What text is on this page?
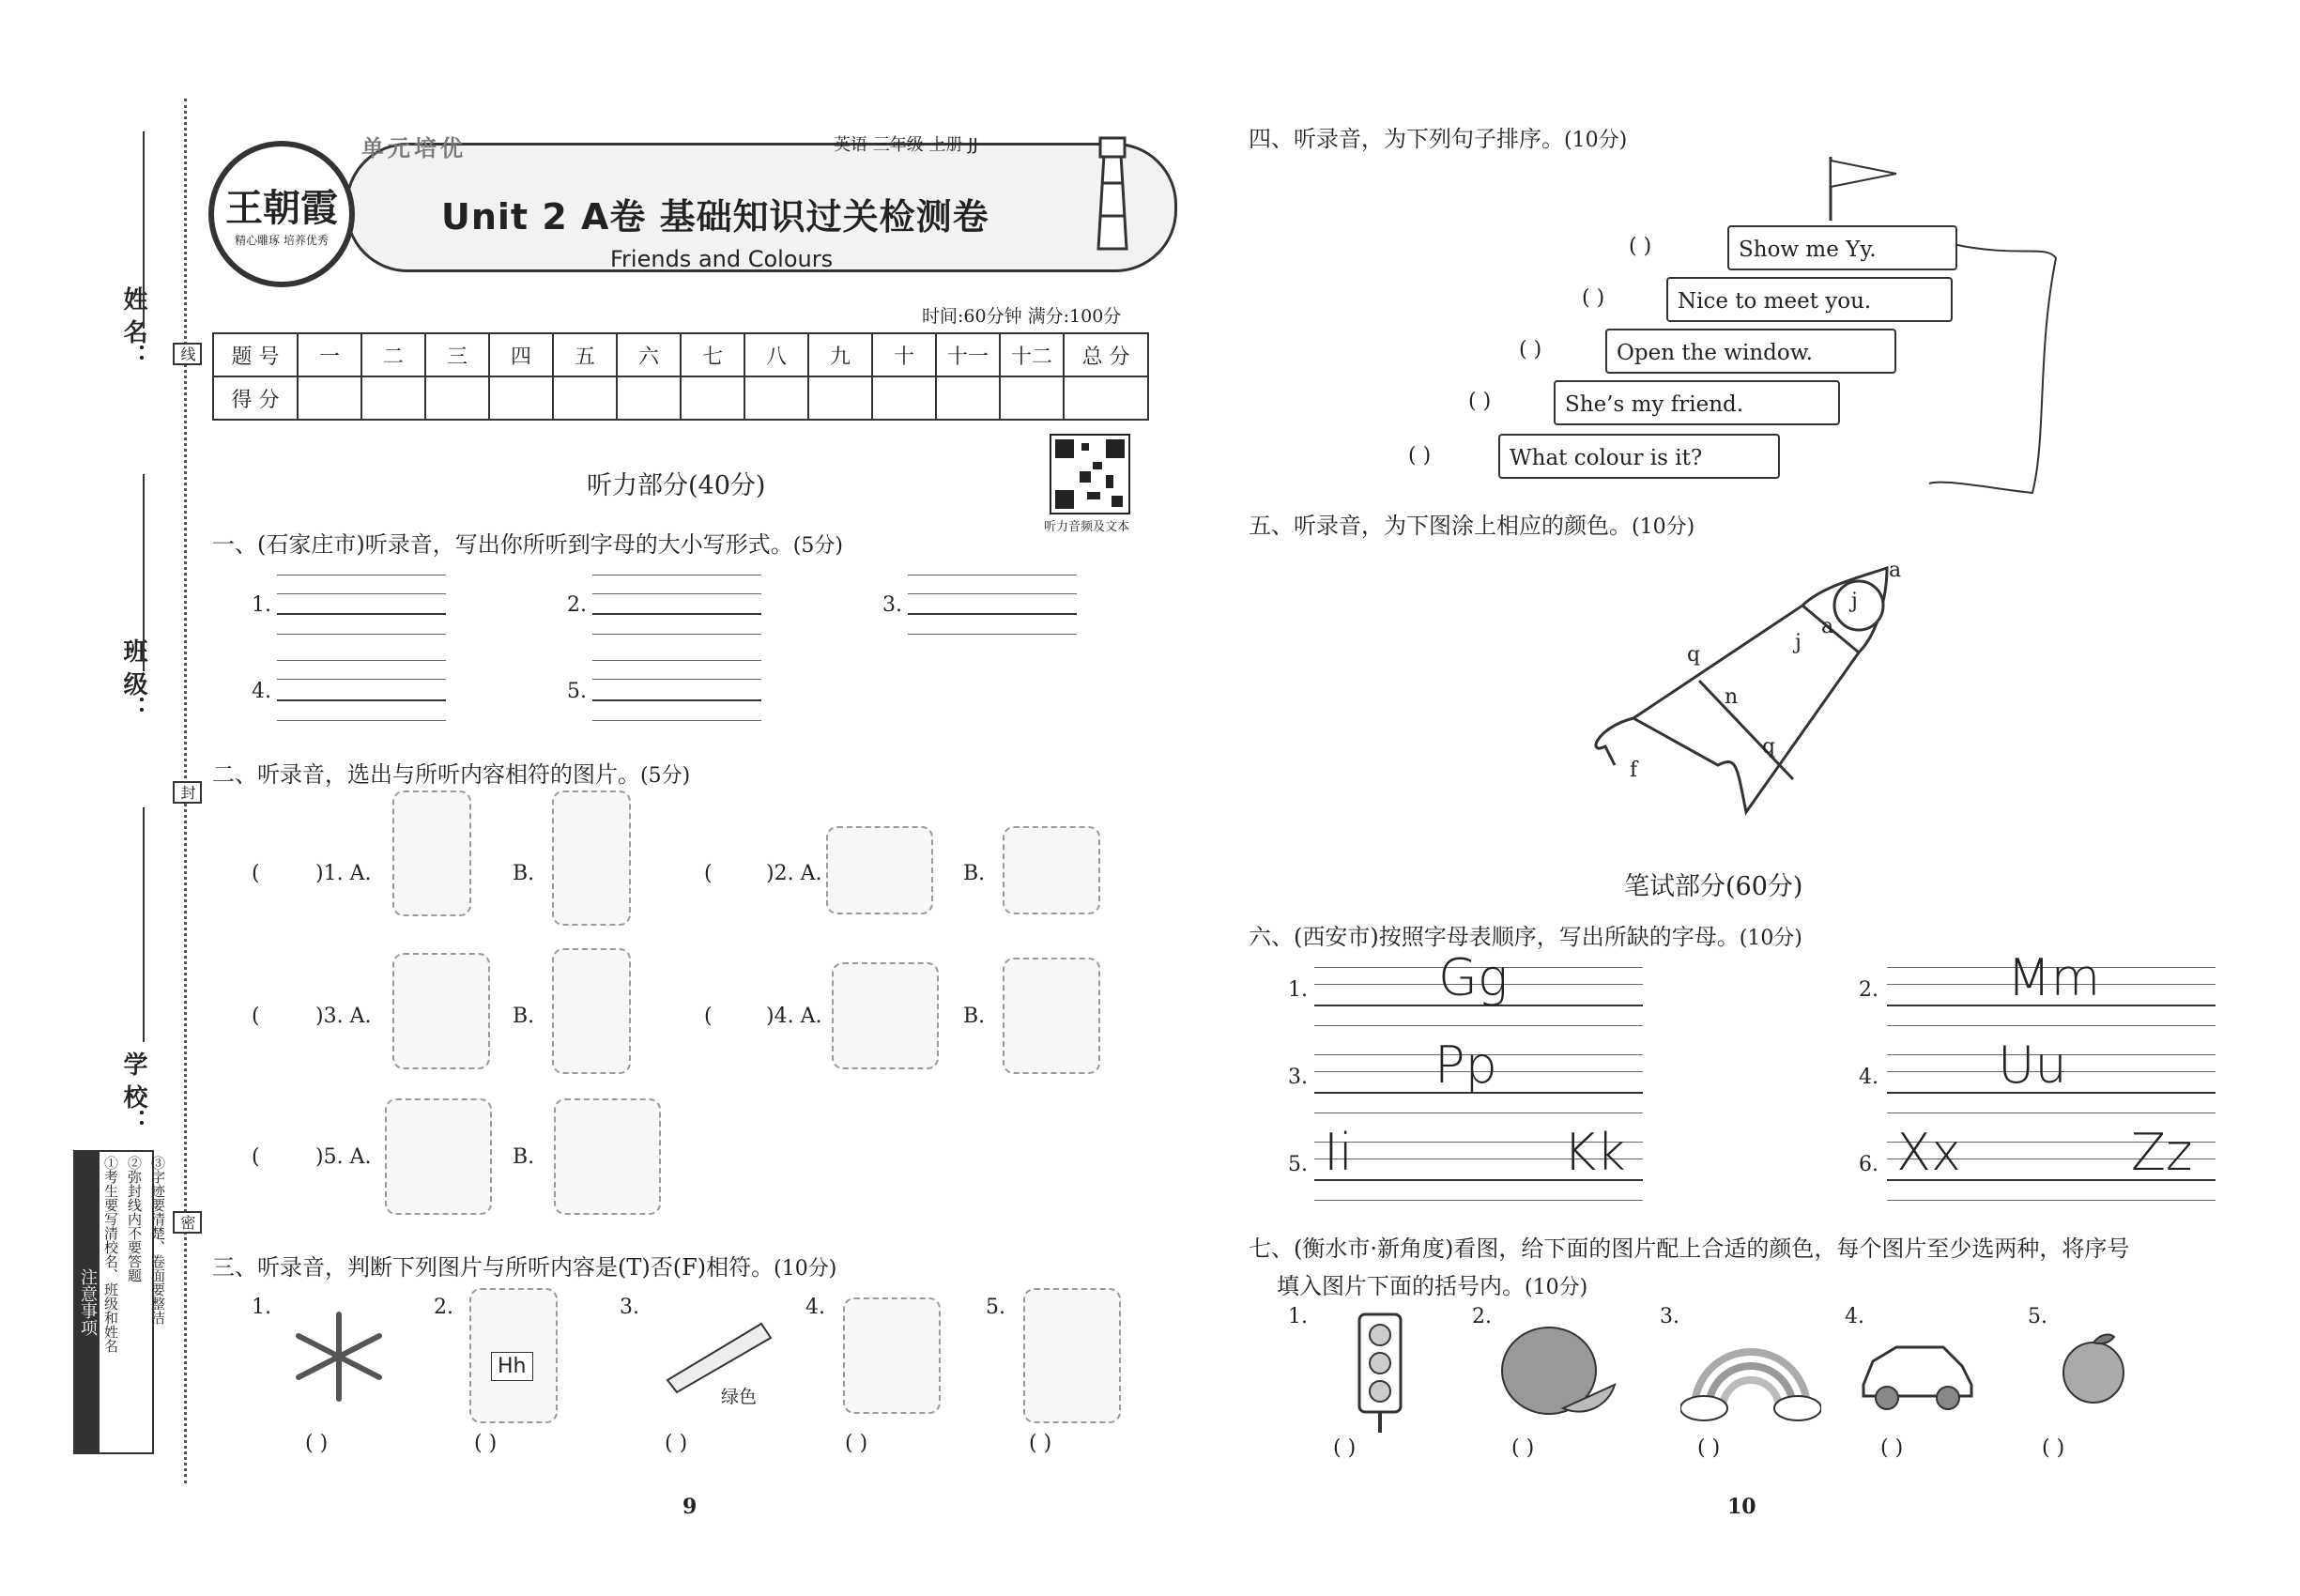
姓 名：
班 级：
学 校：
线
封
密
注意事项 ①考生要写清校名、班级和姓名 ②弥封线内不要答题 ③字迹要清楚、卷面要整洁
王朝霞
精心雕琢 培养优秀
单元培优	英语 三年级 上册 JJ
Unit 2 A卷 基础知识过关检测卷
Friends and Colours
时间:60分钟 满分:100分
题 号	一	二	三	四	五	六	七	八	九	十	十一	十二	总 分
得 分													
听力部分(40分)
听力音频及文本
一、(石家庄市)听录音，写出你所听到字母的大小写形式。(5分)
1.	2.	3.
4.	5.
二、听录音，选出与所听内容相符的图片。(5分)
(	)1. A.	B.	(	)2. A.	B.
(	)3. A.	B.	(	)4. A.	B.
(	)5. A.	B.
三、听录音，判断下列图片与所听内容是(T)否(F)相符。(10分)
1.
( )
2.
Hh
( )
3.
绿色
( )
4.
( )
5.
( )
9
四、听录音，为下列句子排序。(10分)
Show me Yy.
Nice to meet you.
Open the window.
She’s my friend.
What colour is it?
( )
( )
( )
( )
( )
五、听录音，为下图涂上相应的颜色。(10分)
a
j
a
j
q
n
f
q
笔试部分(60分)
六、(西安市)按照字母表顺序，写出所缺的字母。(10分)
1.	Gg	2.	Mm
3.	Pp	4. Uu
5. Ii	Kk	6. Xx	Zz
七、(衡水市·新角度)看图，给下面的图片配上合适的颜色，每个图片至少选两种，将序号
填入图片下面的括号内。(10分)
1.
( )
2.
( )
3.
( )
4.
( )
5.
( )
10
